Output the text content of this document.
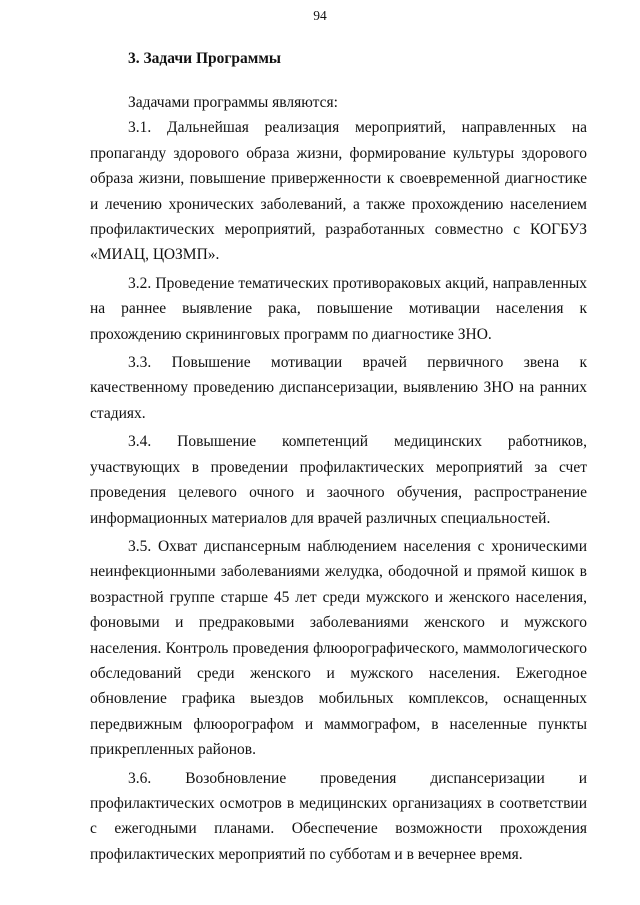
94
3. Задачи Программы

Задачами программы являются:

3.1. Дальнейшая реализация мероприятий, направленных на пропаганду здорового образа жизни, формирование культуры здорового образа жизни, повышение приверженности к своевременной диагностике и лечению хронических заболеваний, а также прохождению населением профилактических мероприятий, разработанных совместно с КОГБУЗ «МИАЦ, ЦОЗМП».

3.2. Проведение тематических противораковых акций, направленных на раннее выявление рака, повышение мотивации населения к прохождению скрининговых программ по диагностике ЗНО.

3.3. Повышение мотивации врачей первичного звена к качественному проведению диспансеризации, выявлению ЗНО на ранних стадиях.

3.4. Повышение компетенций медицинских работников, участвующих в проведении профилактических мероприятий за счет проведения целевого очного и заочного обучения, распространение информационных материалов для врачей различных специальностей.

3.5. Охват диспансерным наблюдением населения с хроническими неинфекционными заболеваниями желудка, ободочной и прямой кишок в возрастной группе старше 45 лет среди мужского и женского населения, фоновыми и предраковыми заболеваниями женского и мужского населения. Контроль проведения флюорографического, маммологического обследований среди женского и мужского населения. Ежегодное обновление графика выездов мобильных комплексов, оснащенных передвижным флюорографом и маммографом, в населенные пункты прикрепленных районов.

3.6. Возобновление проведения диспансеризации и профилактических осмотров в медицинских организациях в соответствии с ежегодными планами. Обеспечение возможности прохождения профилактических мероприятий по субботам и в вечернее время.
